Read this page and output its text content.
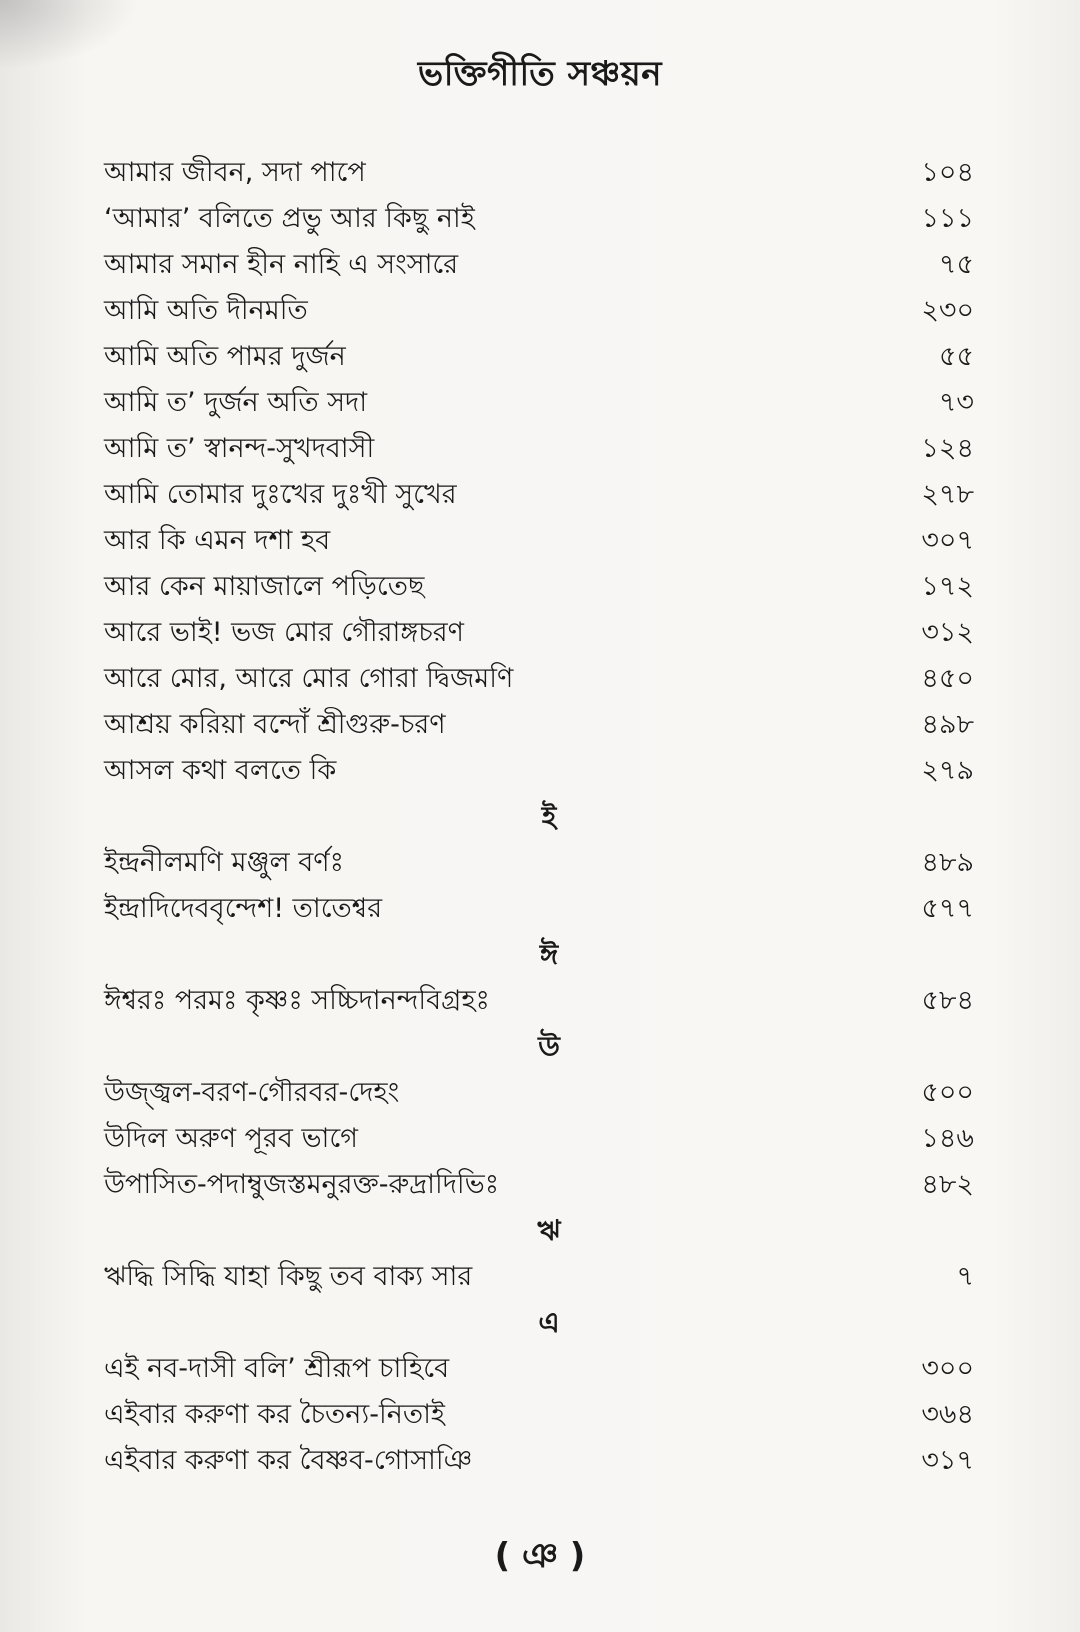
ভক্তিগীতি সঞ্চয়ন
আমার জীবন, সদা পাপে	১০৪
‘আমার’ বলিতে প্রভু আর কিছু নাই	১১১
আমার সমান হীন নাহি এ সংসারে	৭৫
আমি অতি দীনমতি	২৩০
আমি অতি পামর দুর্জন	৫৫
আমি ত’ দুর্জন অতি সদা	৭৩
আমি ত’ স্বানন্দ-সুখদবাসী	১২৪
আমি তোমার দুঃখের দুঃখী সুখের	২৭৮
আর কি এমন দশা হব	৩০৭
আর কেন মায়াজালে পড়িতেছ	১৭২
আরে ভাই! ভজ মোর গৌরাঙ্গচরণ	৩১২
আরে মোর, আরে মোর গোরা দ্বিজমণি	৪৫০
আশ্রয় করিয়া বন্দোঁ শ্রীগুরু-চরণ	৪৯৮
আসল কথা বলতে কি	২৭৯
ই
ইন্দ্রনীলমণি মঞ্জুল বর্ণঃ	৪৮৯
ইন্দ্রাদিদেববৃন্দেশ! তাতেশ্বর	৫৭৭
ঈ
ঈশ্বরঃ পরমঃ কৃষ্ণঃ সচ্চিদানন্দবিগ্রহঃ	৫৮৪
উ
উজ্জ্বল-বরণ-গৌরবর-দেহং	৫০০
উদিল অরুণ পূরব ভাগে	১৪৬
উপাসিত-পদাম্বুজস্তমনুরক্ত-রুদ্রাদিভিঃ	৪৮২
ঋ
ঋদ্ধি সিদ্ধি যাহা কিছু তব বাক্য সার	৭
এ
এই নব-দাসী বলি’ শ্রীরূপ চাহিবে	৩০০
এইবার করুণা কর চৈতন্য-নিতাই	৩৬৪
এইবার করুণা কর বৈষ্ণব-গোসাঞি	৩১৭
( ঞ )
